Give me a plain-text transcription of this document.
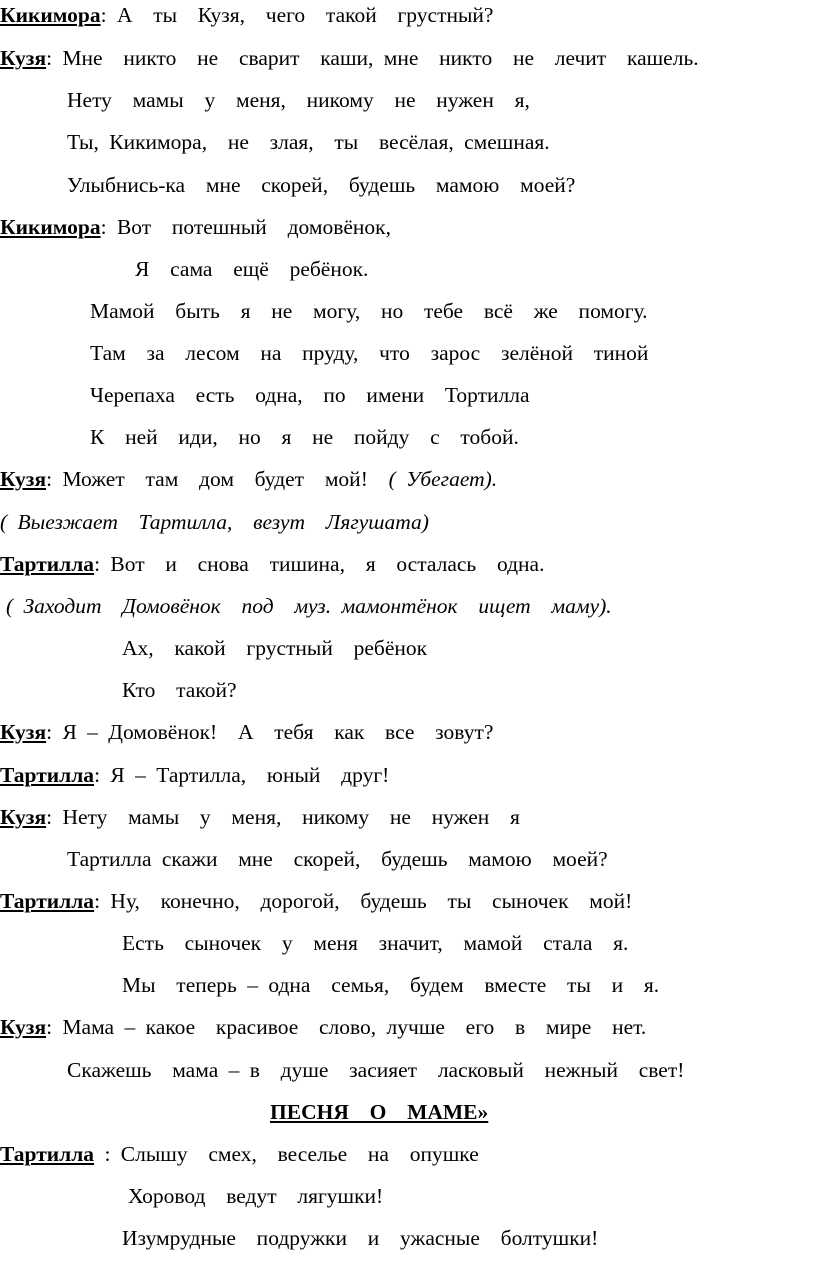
Кикимора: А  ты  Кузя,  чего  такой  грустный?
Кузя: Мне  никто  не  сварит  каши, мне  никто  не  лечит  кашель.
Нету  мамы  у  меня,  никому  не  нужен  я,
Ты, Кикимора,  не  злая,  ты  весёлая, смешная.
Улыбнись-ка  мне  скорей,  будешь  мамою  моей?
Кикимора: Вот  потешный  домовёнок,
Я  сама  ещё  ребёнок.
Мамой  быть  я  не  могу,  но  тебе  всё  же  помогу.
Там  за  лесом  на  пруду,  что  зарос  зелёной  тиной
Черепаха  есть  одна,  по  имени  Тортилла
К  ней  иди,  но  я  не  пойду  с  тобой.
Кузя: Может  там  дом  будет  мой! ( Убегает).
( Выезжает  Тартилла,  везут  Лягушата)
Тартилла: Вот  и  снова  тишина,  я  осталась  одна.
( Заходит  Домовёнок  под  муз. мамонтёнок  ищет  маму).
Ах,  какой  грустный  ребёнок
Кто  такой?
Кузя: Я – Домовёнок!  А  тебя  как  все  зовут?
Тартилла: Я – Тартилла,  юный  друг!
Кузя: Нету  мамы  у  меня,  никому  не  нужен  я
Тартилла скажи  мне  скорей,  будешь  мамою  моей?
Тартилла: Ну,  конечно,  дорогой,  будешь  ты  сыночек  мой!
Есть  сыночек  у  меня  значит,  мамой  стала  я.
Мы  теперь – одна  семья,  будем  вместе  ты  и  я.
Кузя: Мама – какое  красивое  слово, лучше  его  в  мире  нет.
Скажешь  мама – в  душе  засияет  ласковый  нежный  свет!
ПЕСНЯ  О  МАМЕ»
Тартилла : Слышу  смех,  веселье  на  опушке
Хоровод  ведут  лягушки!
Изумрудные  подружки  и  ужасные  болтушки!
